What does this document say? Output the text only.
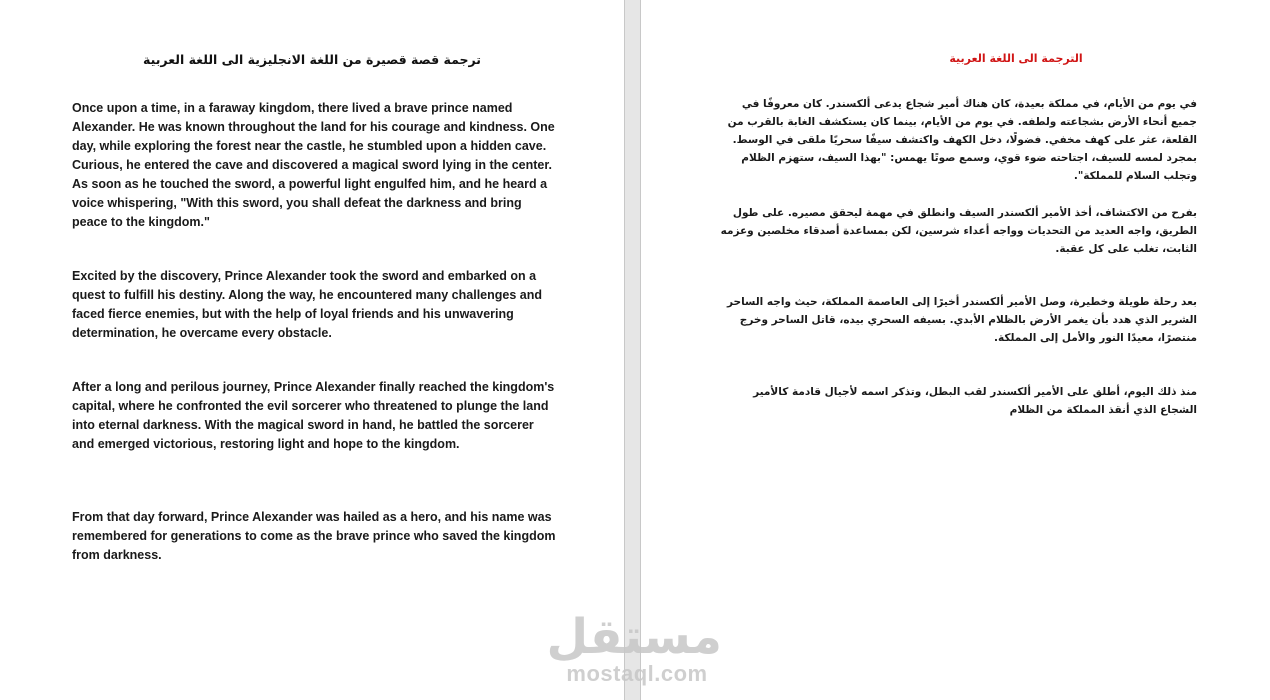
ترجمة قصة قصيرة من اللغة الانجليزية الى اللغة العربية

Once upon a time, in a faraway kingdom, there lived a brave prince named Alexander. He was known throughout the land for his courage and kindness. One day, while exploring the forest near the castle, he stumbled upon a hidden cave. Curious, he entered the cave and discovered a magical sword lying in the center. As soon as he touched the sword, a powerful light engulfed him, and he heard a voice whispering, "With this sword, you shall defeat the darkness and bring peace to the kingdom."

Excited by the discovery, Prince Alexander took the sword and embarked on a quest to fulfill his destiny. Along the way, he encountered many challenges and faced fierce enemies, but with the help of loyal friends and his unwavering determination, he overcame every obstacle.

After a long and perilous journey, Prince Alexander finally reached the kingdom's capital, where he confronted the evil sorcerer who threatened to plunge the land into eternal darkness. With the magical sword in hand, he battled the sorcerer and emerged victorious, restoring light and hope to the kingdom.

From that day forward, Prince Alexander was hailed as a hero, and his name was remembered for generations to come as the brave prince who saved the kingdom from darkness.

الترجمة الى اللغة العربية

في يوم من الأيام، في مملكة بعيدة، كان هناك أمير شجاع يدعى ألكسندر. كان معروفًا في جميع أنحاء الأرض بشجاعته ولطفه. في يوم من الأيام، بينما كان يستكشف الغابة بالقرب من القلعة، عثر على كهف مخفي. فضولًا، دخل الكهف واكتشف سيفًا سحريًا ملقى في الوسط. بمجرد لمسه للسيف، اجتاحته ضوء قوي، وسمع صوتًا يهمس: "بهذا السيف، ستهزم الظلام وتجلب السلام للمملكة".

بفرح من الاكتشاف، أخذ الأمير ألكسندر السيف وانطلق في مهمة ليحقق مصيره. على طول الطريق، واجه العديد من التحديات وواجه أعداء شرسين، لكن بمساعدة أصدقاء مخلصين وعزمه الثابت، تغلب على كل عقبة.

بعد رحلة طويلة وخطيرة، وصل الأمير ألكسندر أخيرًا إلى العاصمة المملكة، حيث واجه الساحر الشرير الذي هدد بأن يغمر الأرض بالظلام الأبدي. بسيفه السحري بيده، قاتل الساحر وخرج منتصرًا، معيدًا النور والأمل إلى المملكة.

منذ ذلك اليوم، أطلق على الأمير ألكسندر لقب البطل، وتذكر اسمه لأجيال قادمة كالأمير الشجاع الذي أنقذ المملكة من الظلام

مستقل
mostaql.com
